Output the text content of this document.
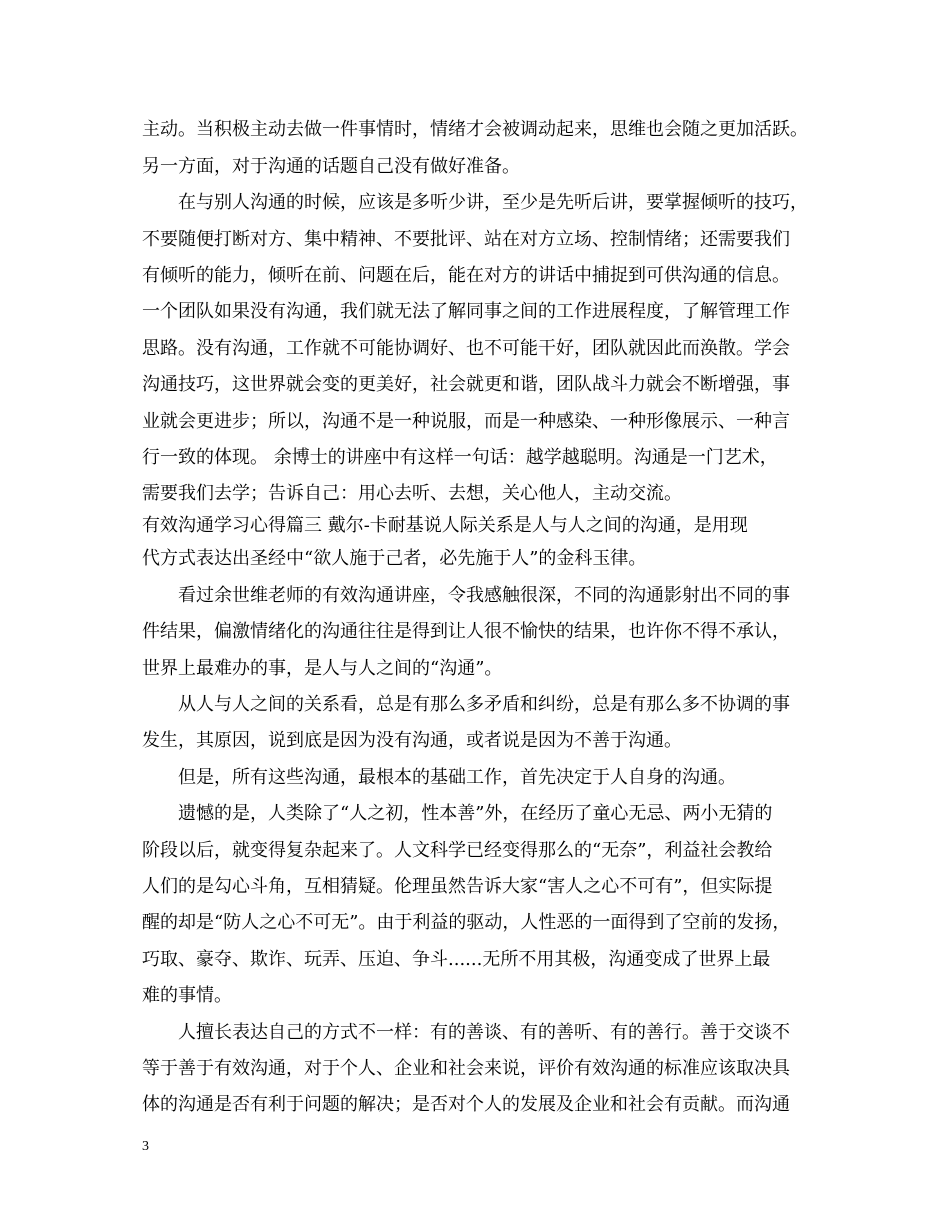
主动。当积极主动去做一件事情时，情绪才会被调动起来，思维也会随之更加活跃。
另一方面，对于沟通的话题自己没有做好准备。
在与别人沟通的时候，应该是多听少讲，至少是先听后讲，要掌握倾听的技巧，
不要随便打断对方、集中精神、不要批评、站在对方立场、控制情绪；还需要我们
有倾听的能力，倾听在前、问题在后，能在对方的讲话中捕捉到可供沟通的信息。
一个团队如果没有沟通，我们就无法了解同事之间的工作进展程度，了解管理工作
思路。没有沟通，工作就不可能协调好、也不可能干好，团队就因此而涣散。学会
沟通技巧，这世界就会变的更美好，社会就更和谐，团队战斗力就会不断增强，事
业就会更进步；所以，沟通不是一种说服，而是一种感染、一种形像展示、一种言
行一致的体现。 余博士的讲座中有这样一句话：越学越聪明。沟通是一门艺术，
需要我们去学；告诉自己：用心去听、去想，关心他人，主动交流。
有效沟通学习心得篇三 戴尔-卡耐基说人际关系是人与人之间的沟通，是用现
代方式表达出圣经中“欲人施于己者，必先施于人”的金科玉律。
看过余世维老师的有效沟通讲座，令我感触很深，不同的沟通影射出不同的事
件结果，偏激情绪化的沟通往往是得到让人很不愉快的结果，也许你不得不承认，
世界上最难办的事，是人与人之间的“沟通”。
从人与人之间的关系看，总是有那么多矛盾和纠纷，总是有那么多不协调的事
发生，其原因，说到底是因为没有沟通，或者说是因为不善于沟通。
但是，所有这些沟通，最根本的基础工作，首先决定于人自身的沟通。
遗憾的是，人类除了“人之初，性本善”外，在经历了童心无忌、两小无猜的
阶段以后，就变得复杂起来了。人文科学已经变得那么的“无奈”，利益社会教给
人们的是勾心斗角，互相猜疑。伦理虽然告诉大家“害人之心不可有”，但实际提
醒的却是“防人之心不可无”。由于利益的驱动，人性恶的一面得到了空前的发扬，
巧取、豪夺、欺诈、玩弄、压迫、争斗......无所不用其极，沟通变成了世界上最
难的事情。
人擅长表达自己的方式不一样：有的善谈、有的善听、有的善行。善于交谈不
等于善于有效沟通，对于个人、企业和社会来说，评价有效沟通的标准应该取决具
体的沟通是否有利于问题的解决；是否对个人的发展及企业和社会有贡献。而沟通
3
